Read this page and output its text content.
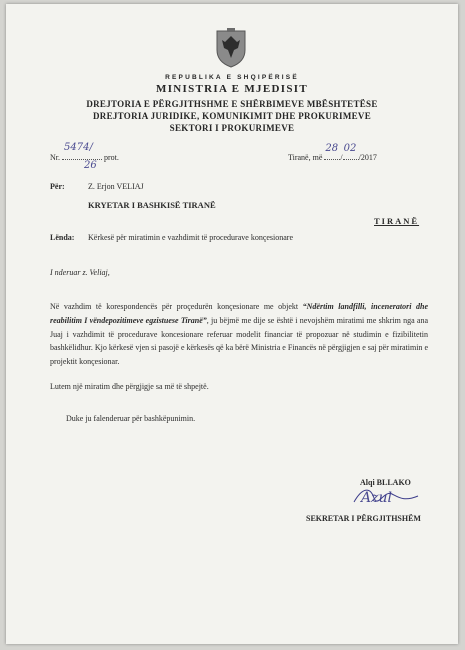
REPUBLIKA E SHQIPËRISË
MINISTRIA E MJEDISIT
DREJTORIA E PËRGJITHSHME E SHËRBIMEVE MBËSHTETËSE
DREJTORIA JURIDIKE, KOMUNIKIMIT DHE PROKURIMEVE
SEKTORI I PROKURIMEVE
Nr.
5474/
prot.
26
Tiranë, më
28
/
02
/2017
Për:	Z. Erjon VELIAJ
KRYETAR I BASHKISË TIRANË
TIRANË
Lënda: Kërkesë për miratimin e vazhdimit të procedurave konçesionare
I nderuar z. Veliaj,
Në vazhdim të korespondencës për proçedurën konçesionare me objekt “Ndërtim landfilli, inceneratori dhe reabilitim I vëndepozitimeve egzistuese Tiranë”, ju bëjmë me dije se është i nevojshëm miratimi me shkrim nga ana Juaj i vazhdimit të procedurave koncesionare referuar modelit financiar të propozuar në studimin e fizibilitetin bashkëlidhur. Kjo kërkesë vjen si pasojë e kërkesës që ka bërë Ministria e Financës në përgjigjen e saj për miratimin e projektit konçesionar.
Lutem një miratim dhe përgjigje sa më të shpejtë.
Duke ju falenderuar për bashkëpunimin.
Alqi BLLAKO
Azul
SEKRETAR I PËRGJITHSHËM
